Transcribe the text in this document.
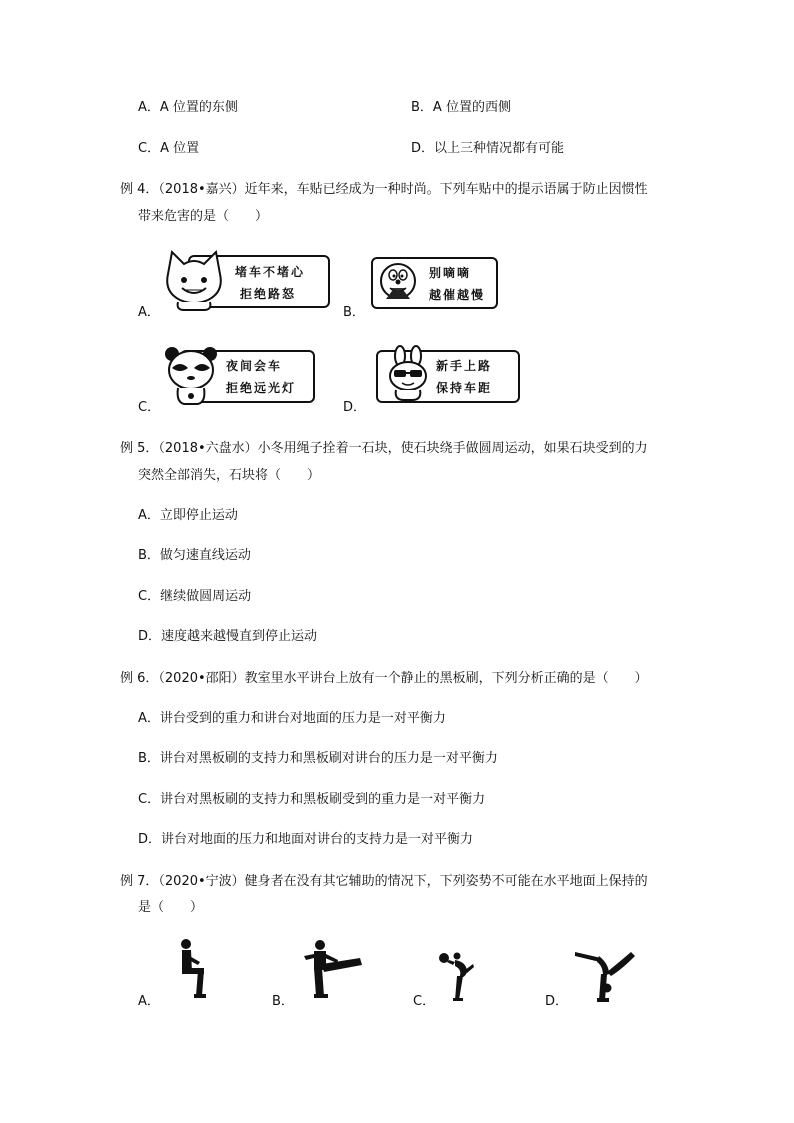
A．A 位置的东侧	B．A 位置的西侧
C．A 位置	D．以上三种情况都有可能
例 4．（2018•嘉兴）近年来，车贴已经成为一种时尚。下列车贴中的提示语属于防止因惯性
带来危害的是（　　）
A．	B．
C．	D．
堵车不堵心
拒绝路怒
别嘀嘀
越催越慢
夜间会车
拒绝远光灯
新手上路
保持车距
例 5．（2018•六盘水）小冬用绳子拴着一石块，使石块绕手做圆周运动，如果石块受到的力
突然全部消失，石块将（　　）
A．立即停止运动
B．做匀速直线运动
C．继续做圆周运动
D．速度越来越慢直到停止运动
例 6．（2020•邵阳）教室里水平讲台上放有一个静止的黑板刷，下列分析正确的是（　　）
A．讲台受到的重力和讲台对地面的压力是一对平衡力
B．讲台对黑板刷的支持力和黑板刷对讲台的压力是一对平衡力
C．讲台对黑板刷的支持力和黑板刷受到的重力是一对平衡力
D．讲台对地面的压力和地面对讲台的支持力是一对平衡力
例 7．（2020•宁波）健身者在没有其它辅助的情况下，下列姿势不可能在水平地面上保持的
是（　　）
A．	B．	C．	D．
